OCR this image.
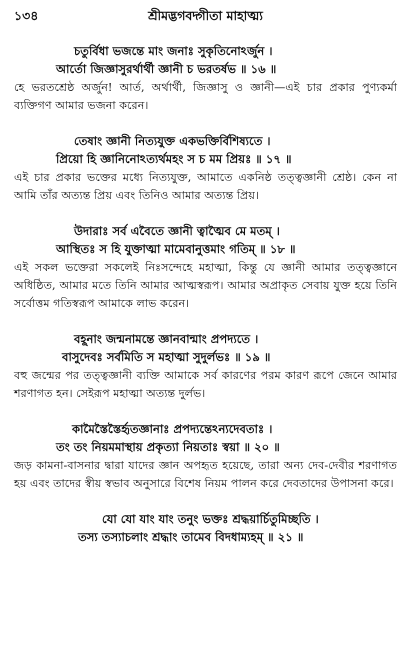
১৩৪	শ্রীমদ্ভগবদ্গীতা মাহাত্ম্য
চতুর্বিধা ভজন্তে মাং জনাঃ সুকৃতিনোঽর্জুন ।
আর্তো জিজ্ঞাসুরর্থার্থী জ্ঞানী চ ভরতর্ষভ ॥ ১৬ ॥
হে ভরতশ্রেষ্ঠ অর্জুন! আর্ত, অর্থার্থী, জিজ্ঞাসু ও জ্ঞানী—এই চার প্রকার পুণ্যকর্মা ব্যক্তিগণ আমার ভজনা করেন।
তেষাং জ্ঞানী নিত্যযুক্ত একভক্তির্বিশিষ্যতে ।
প্রিয়ো হি জ্ঞানিনোঽত্যর্থমহং স চ মম প্রিয়ঃ ॥ ১৭ ॥
এই চার প্রকার ভক্তের মধ্যে নিত্যযুক্ত, আমাতে একনিষ্ঠ তত্ত্বজ্ঞানী শ্রেষ্ঠ। কেন না আমি তাঁর অত্যন্ত প্রিয় এবং তিনিও আমার অত্যন্ত প্রিয়।
উদারাঃ সর্ব এবৈতে জ্ঞানী ত্বাত্মৈব মে মতম্ ।
আস্থিতঃ স হি যুক্তাত্মা মামেবানুত্তমাং গতিম্ ॥ ১৮ ॥
এই সকল ভক্তেরা সকলেই নিঃসন্দেহে মহাত্মা, কিন্তু যে জ্ঞানী আমার তত্ত্বজ্ঞানে অধিষ্ঠিত, আমার মতে তিনি আমার আত্মস্বরূপ। আমার অপ্রাকৃত সেবায় যুক্ত হয়ে তিনি সর্বোত্তম গতিস্বরূপ আমাকে লাভ করেন।
বহূনাং জন্মনামন্তে জ্ঞানবান্মাং প্রপদ্যতে ।
বাসুদেবঃ সর্বমিতি স মহাত্মা সুদুর্লভঃ ॥ ১৯ ॥
বহু জন্মের পর তত্ত্বজ্ঞানী ব্যক্তি আমাকে সর্ব কারণের পরম কারণ রূপে জেনে আমার শরণাগত হন। সেইরূপ মহাত্মা অত্যন্ত দুর্লভ।
কামৈস্তৈস্তৈর্হৃতজ্ঞানাঃ প্রপদ্যন্তেঽন্যদেবতাঃ ।
তং তং নিয়মমাস্থায় প্রকৃত্যা নিয়তাঃ স্বয়া ॥ ২০ ॥
জড় কামনা-বাসনার দ্বারা যাদের জ্ঞান অপহৃত হয়েছে, তারা অন্য দেব-দেবীর শরণাগত হয় এবং তাদের স্বীয় স্বভাব অনুসারে বিশেষ নিয়ম পালন করে দেবতাদের উপাসনা করে।
যো যো যাং যাং তনুং ভক্তঃ শ্রদ্ধয়ার্চিতুমিচ্ছতি ।
তস্য তস্যাচলাং শ্রদ্ধাং তামেব বিদধাম্যহম্ ॥ ২১ ॥
